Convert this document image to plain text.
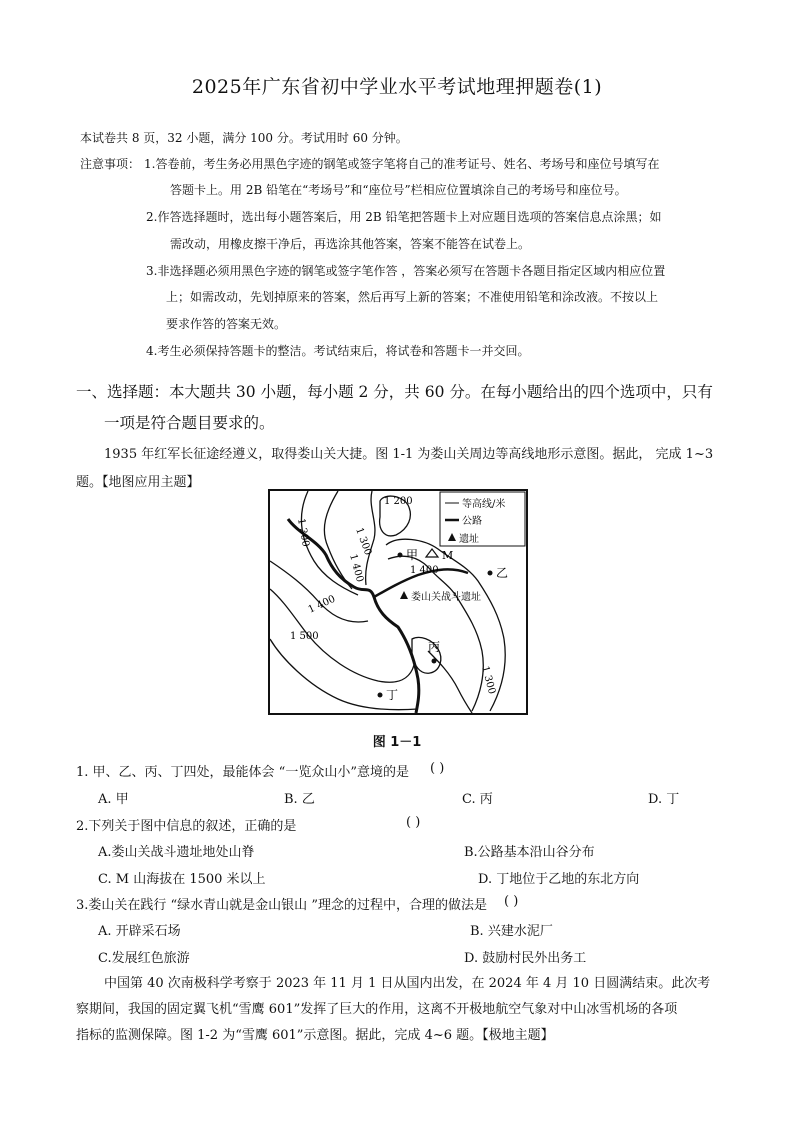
2025年广东省初中学业水平考试地理押题卷(1)
本试卷共 8 页，32 小题，满分 100 分。考试用时 60 分钟。
注意事项： 1.答卷前，考生务必用黑色字迹的钢笔或签字笔将自己的准考证号、姓名、考场号和座位号填写在
答题卡上。用 2B 铅笔在“考场号”和“座位号”栏相应位置填涂自己的考场号和座位号。
2.作答选择题时，选出每小题答案后，用 2B 铅笔把答题卡上对应题目选项的答案信息点涂黑；如
需改动，用橡皮擦干净后，再选涂其他答案，答案不能答在试卷上。
3.非选择题必须用黑色字迹的钢笔或签字笔作答 ，答案必须写在答题卡各题目指定区域内相应位置
上；如需改动，先划掉原来的答案，然后再写上新的答案；不准使用铅笔和涂改液。不按以上
要求作答的答案无效。
4.考生必须保持答题卡的整洁。考试结束后，将试卷和答题卡一并交回。
一、选择题：本大题共 30 小题，每小题 2 分，共 60 分。在每小题给出的四个选项中，只有
一项是符合题目要求的。
1935 年红军长征途经遵义，取得娄山关大捷。图 1-1 为娄山关周边等高线地形示意图。据此， 完成 1~3
题。【地图应用主题】
等高线/米
公路
遗址
1 200
1 300
1 300
1 400
1 400
1 500
1 300
甲 M
1 400	乙
丙
丁
娄山关战斗遗址
图 1－1
1. 甲、乙、丙、丁四处，最能体会 “一览众山小”意境的是 ( )
A. 甲	B. 乙	C. 丙	D. 丁
2.下列关于图中信息的叙述，正确的是	( )
A.娄山关战斗遗址地处山脊	B.公路基本沿山谷分布
C. M 山海拔在 1500 米以上	D. 丁地位于乙地的东北方向
3.娄山关在践行 “绿水青山就是金山银山 ”理念的过程中，合理的做法是 ( )
A. 开辟采石场	B. 兴建水泥厂
C.发展红色旅游	D. 鼓励村民外出务工
中国第 40 次南极科学考察于 2023 年 11 月 1 日从国内出发，在 2024 年 4 月 10 日圆满结束。此次考
察期间，我国的固定翼飞机“雪鹰 601”发挥了巨大的作用，这离不开极地航空气象对中山冰雪机场的各项
指标的监测保障。图 1-2 为“雪鹰 601”示意图。据此，完成 4~6 题。【极地主题】
